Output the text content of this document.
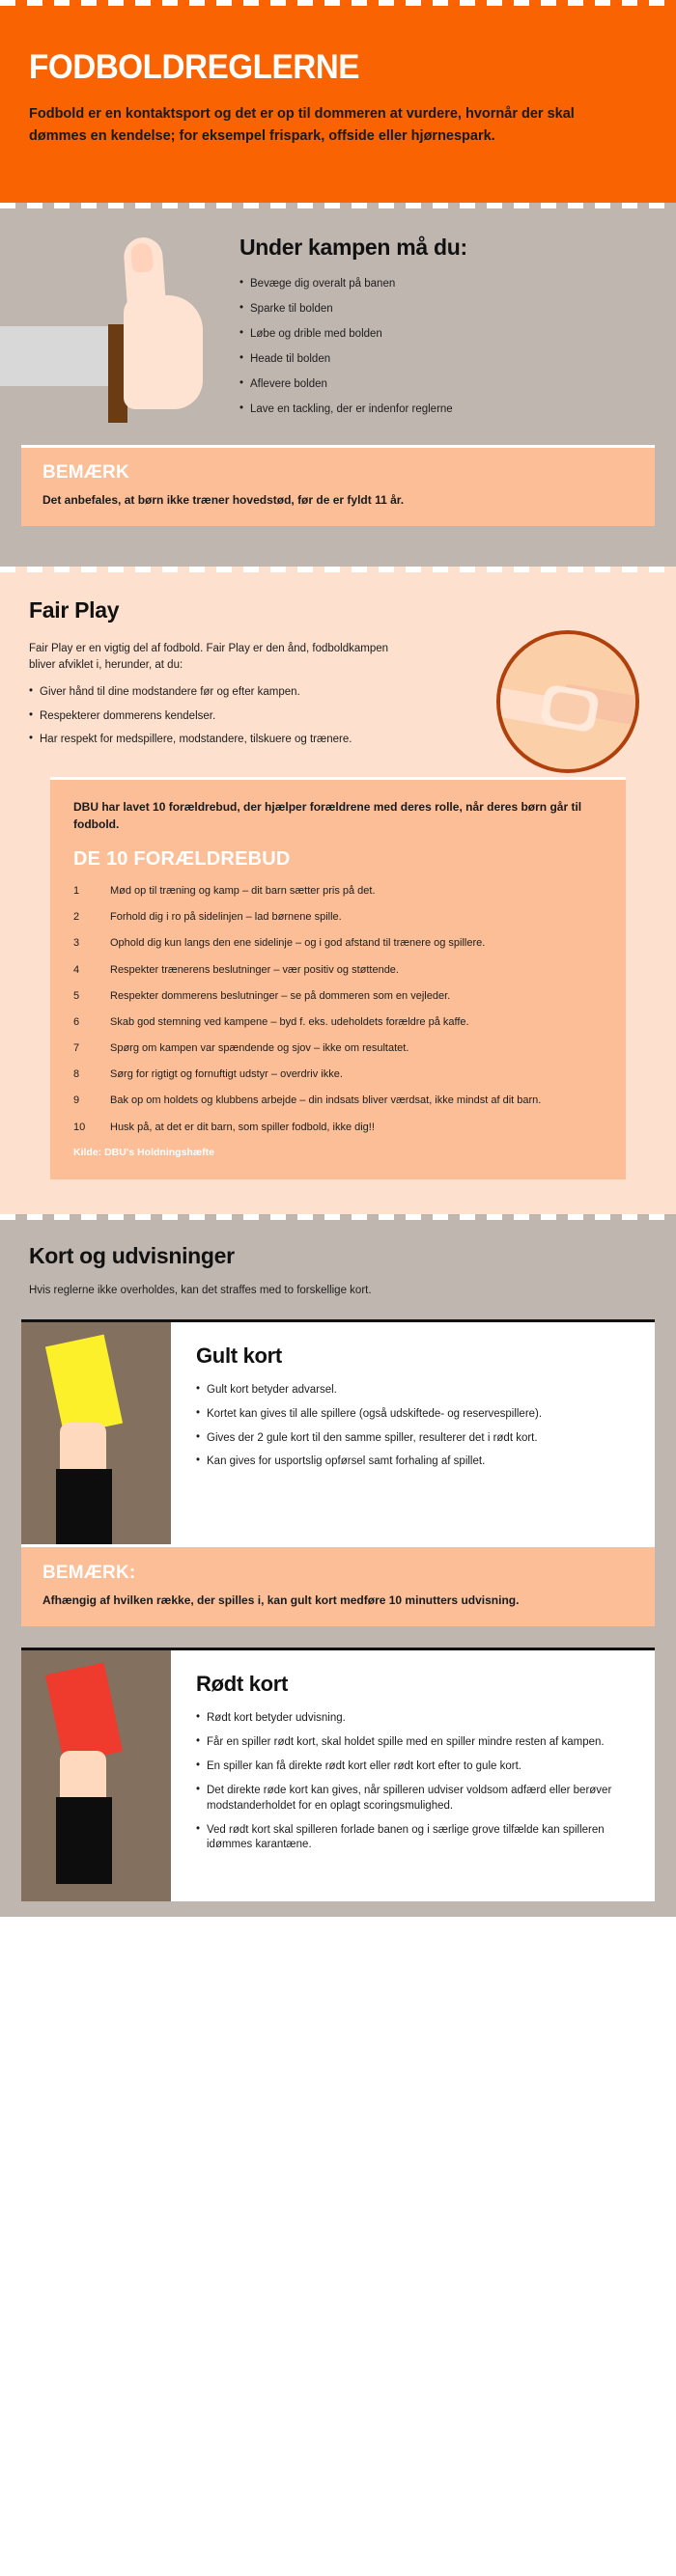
FODBOLDREGLERNE
Fodbold er en kontaktsport og det er op til dommeren at vurdere, hvornår der skal dømmes en kendelse; for eksempel frispark, offside eller hjørnespark.
Under kampen må du:
• Bevæge dig overalt på banen
• Sparke til bolden
• Løbe og drible med bolden
• Heade til bolden
• Aflevere bolden
• Lave en tackling, der er indenfor reglerne
BEMÆRK
Det anbefales, at børn ikke træner hovedstød, før de er fyldt 11 år.
Fair Play
Fair Play er en vigtig del af fodbold. Fair Play er den ånd, fodboldkampen bliver afviklet i, herunder, at du:
• Giver hånd til dine modstandere før og efter kampen.
• Respekterer dommerens kendelser.
• Har respekt for medspillere, modstandere, tilskuere og trænere.
DBU har lavet 10 forældrebud, der hjælper forældrene med deres rolle, når deres børn går til fodbold.
DE 10 FORÆLDREBUD
1	Mød op til træning og kamp – dit barn sætter pris på det.
2	Forhold dig i ro på sidelinjen – lad børnene spille.
3	Ophold dig kun langs den ene sidelinje – og i god afstand til trænere og spillere.
4	Respekter trænerens beslutninger – vær positiv og støttende.
5	Respekter dommerens beslutninger – se på dommeren som en vejleder.
6	Skab god stemning ved kampene – byd f. eks. udeholdets forældre på kaffe.
7	Spørg om kampen var spændende og sjov – ikke om resultatet.
8	Sørg for rigtigt og fornuftigt udstyr – overdriv ikke.
9	Bak op om holdets og klubbens arbejde – din indsats bliver værdsat, ikke mindst af dit barn.
10	Husk på, at det er dit barn, som spiller fodbold, ikke dig!!
Kilde: DBU's Holdningshæfte
Kort og udvisninger
Hvis reglerne ikke overholdes, kan det straffes med to forskellige kort.
Gult kort
• Gult kort betyder advarsel.
• Kortet kan gives til alle spillere (også udskiftede- og reservespillere).
• Gives der 2 gule kort til den samme spiller, resulterer det i rødt kort.
• Kan gives for usportslig opførsel samt forhaling af spillet.
BEMÆRK:
Afhængig af hvilken række, der spilles i, kan gult kort medføre 10 minutters udvisning.
Rødt kort
• Rødt kort betyder udvisning.
• Får en spiller rødt kort, skal holdet spille med en spiller mindre resten af kampen.
• En spiller kan få direkte rødt kort eller rødt kort efter to gule kort.
• Det direkte røde kort kan gives, når spilleren udviser voldsom adfærd eller berøver modstanderholdet for en oplagt scoringsmulighed.
• Ved rødt kort skal spilleren forlade banen og i særlige grove tilfælde kan spilleren idømmes karantæne.
